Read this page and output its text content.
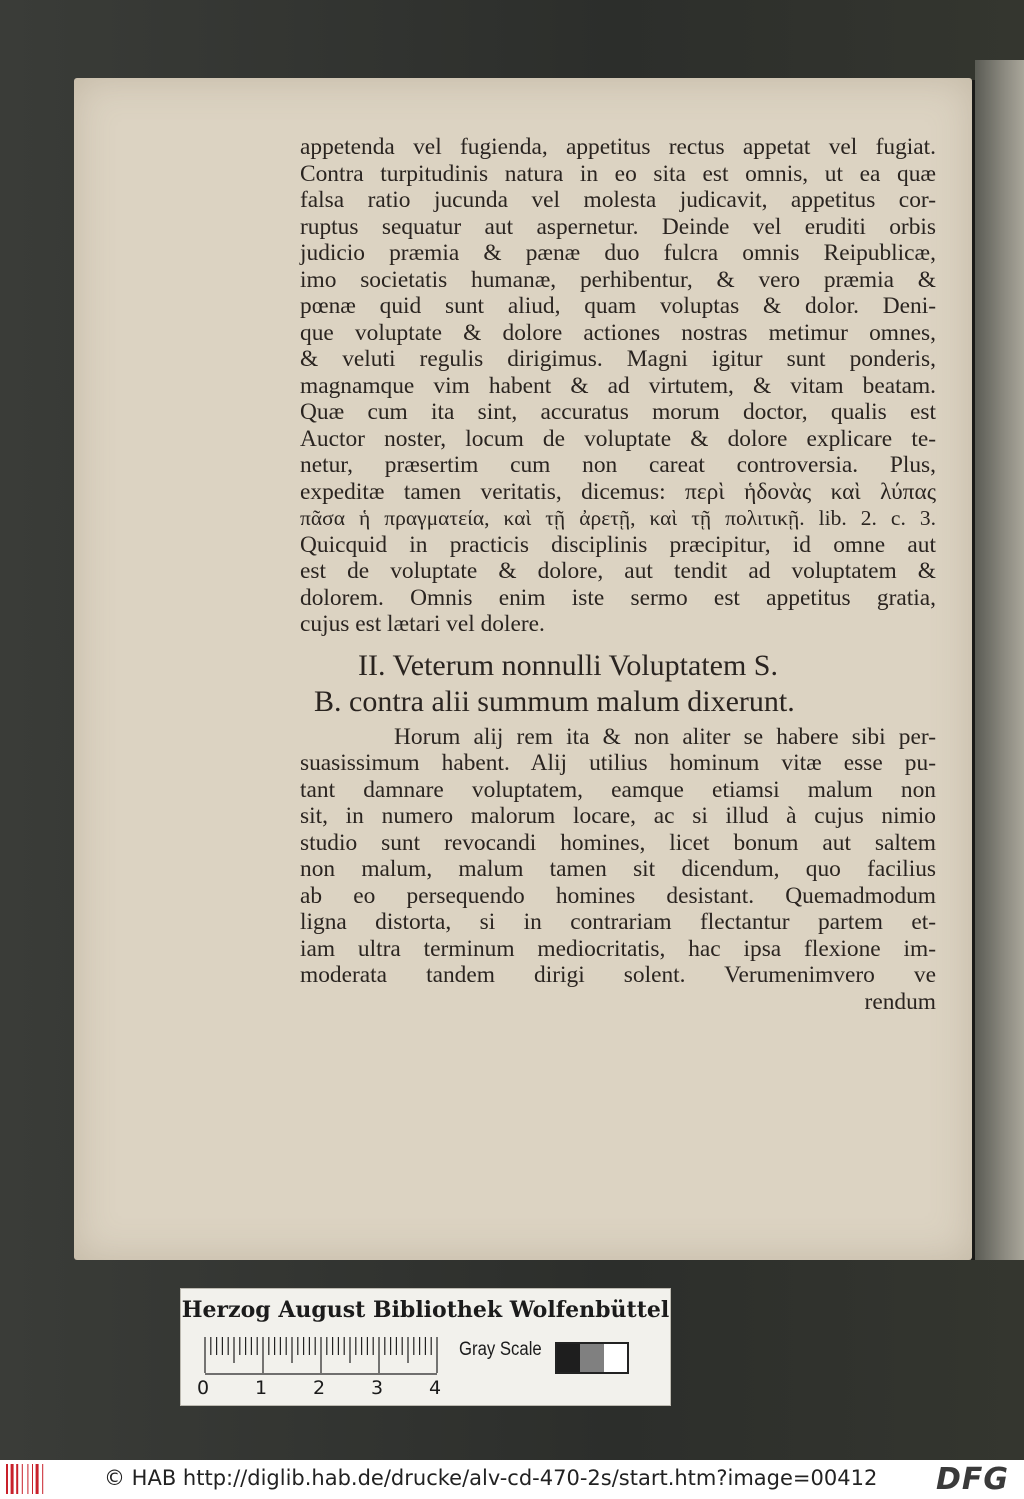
appetenda vel fugienda, appetitus rectus appetat vel fugiat.
Contra turpitudinis natura in eo sita est omnis, ut ea quæ
falsa ratio jucunda vel molesta judicavit, appetitus cor-
ruptus sequatur aut aspernetur. Deinde vel eruditi orbis
judicio præmia & pænæ duo fulcra omnis Reipublicæ,
imo societatis humanæ, perhibentur, & vero præmia &
pœnæ quid sunt aliud, quam voluptas & dolor. Deni-
que voluptate & dolore actiones nostras metimur omnes,
& veluti regulis dirigimus. Magni igitur sunt ponderis,
magnamque vim habent & ad virtutem, & vitam beatam.
Quæ cum ita sint, accuratus morum doctor, qualis est
Auctor noster, locum de voluptate & dolore explicare te-
netur, præsertim cum non careat controversia. Plus,
expeditæ tamen veritatis, dicemus: περὶ ἡδονὰς καὶ λύπας
πᾶσα ἡ πραγματεία, καὶ τῇ ἀρετῇ, καὶ τῇ πολιτικῇ. lib. 2. c. 3.
Quicquid in practicis disciplinis præcipitur, id omne aut
est de voluptate & dolore, aut tendit ad voluptatem &
dolorem. Omnis enim iste sermo est appetitus gratia,
cujus est lætari vel dolere.
II. Veterum nonnulli Voluptatem S.
B. contra alii summum malum dixerunt.
Horum alij rem ita & non aliter se habere sibi per-
suasissimum habent. Alij utilius hominum vitæ esse pu-
tant damnare voluptatem, eamque etiamsi malum non
sit, in numero malorum locare, ac si illud à cujus nimio
studio sunt revocandi homines, licet bonum aut saltem
non malum, malum tamen sit dicendum, quo facilius
ab eo persequendo homines desistant. Quemadmodum
ligna distorta, si in contrariam flectantur partem et-
iam ultra terminum mediocritatis, hac ipsa flexione im-
moderata tandem dirigi solent. Verumenimvero ve
rendum
Herzog August Bibliothek Wolfenbüttel
0 1 2 3 4
Gray Scale
© HAB http://diglib.hab.de/drucke/alv-cd-470-2s/start.htm?image=00412 DFG
